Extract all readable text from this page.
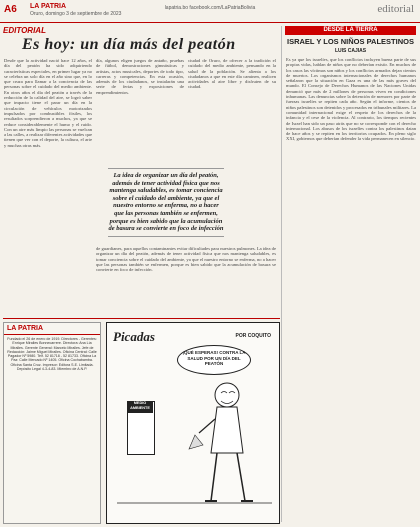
A6 LA PATRIA
Oruro, domingo 3 de septiembre de 2023
lapatria.bo facebook.com/LaPatriaBolivia	editorial
EDITORIAL
Es hoy: un día más del peatón
Desde que la actividad nació hace 12 años, el día del peatón ha sido adquiriendo características especiales, en primer lugar ya no se celebra un solo día en el año sino que, en lo que cruza para llamar a la conciencia de las personas sobre el cuidado del medio ambiente. En otros años el día del peatón a través de la reducción de la calidad del aire, se logró saber que impacto tiene el parar un día en la circulación de vehículos motorizados impulsados por combustibles fósiles, los resultados sorprendieron a muchos, ya que se reduce considerablemente el humo y el ruido. Con un aire más limpio las personas se vuelcan a las calles, a realizar diferentes actividades que tienen que ver con el deporte, la cultura, el arte y muchas otras más.
día, algunos eligen juegos de antaño, pruebas de fútbol, demostraciones gimnásticas y artistas, actos musicales, deportes de todo tipo, carreras y competencias. En esta ocasión, además de los ciudadanos, se instalarán una serie de ferias y exposiciones de emprendimientos.
ciudad de Oruro, de ofrecer a la tradición el cuidado del medio ambiente, pensando en la salud de la población. Se alienta a los ciudadanos a que en este día caminen, realicen actividades al aire libre y disfruten de su ciudad.
La idea de organizar un día del peatón, además de tener actividad física que nos mantenga saludables, es tomar conciencia sobre el cuidado del ambiente, ya que el nuestro entorno se enferma, no a hacer que las personas también se enfermen, porque es bien sabido que la acumulación de basura se convierte en foco de infección
de guardianes, para aquellos contaminantes evitar dificultades para nuestros pulmones. La idea de organizar un día del peatón, además de tener actividad física que nos mantenga saludables, es tomar conciencia sobre el cuidado del ambiente, ya que el nuestro entorno se enferma, no a hacer que las personas también se enfermen, porque es bien sabido que la acumulación de basura se convierte en foco de infección.
DESDE LA TIERRA
ISRAEL Y LOS NIÑOS PALESTINOS
LUIS CAJIAS
Es ya que los israelíes, que los conflictos incluyen buena parte de sus propias vidas, hablan de niños que no deberían existir. En muchos de los casos las víctimas son niños y los conflictos armados dejan cientos de muertos. Los organismos internacionales de derechos humanos señalaron que la situación en Gaza es una de las más graves del mundo. El Consejo de Derechos Humanos de las Naciones Unidas denunció que más de 2 millones de personas viven en condiciones inhumanas. Las denuncias sobre la detención de menores por parte de fuerzas israelíes se repiten cada año. Según el informe, cientos de niños palestinos son detenidos y procesados en tribunales militares. La comunidad internacional exige el respeto de los derechos de la infancia y el cese de la violencia. Al contrario, los tiempos recientes de Israel han sido un paso atrás que no se corresponde con el derecho internacional. Los abusos de los israelíes contra los palestinos datan de hace años y se repiten en los territorios ocupados. En pleno siglo XXI, gobiernos que deberían defender la vida permanecen en silencio.
LA PATRIA
Fundado el 26 de enero de 1919. Directores - Gerentes: Enrique Miralles Bonnecarrere. Directora: Ana Lía Miralles. Gerente General: Marcelo Miralles. Jefe de Redacción: Jaime Miguel Miralles. Oficina Central: Calle Pagador Nº 5980. Telf. 52 81718 - 52 81733. Oficina La Paz: Calle Mercado Nº 1405. Oficina Cochabamba. Oficina Santa Cruz. Impresor: Editora S.E. Limitada. Depósito Legal 4-3-4-83. Miembro de A.N.P.
Picadas	POR COQUITO
¡QUÉ ESPERAS! CONTRA LA SALUD POR UN DÍA DEL PEATÓN
MEDIO AMBIENTE
